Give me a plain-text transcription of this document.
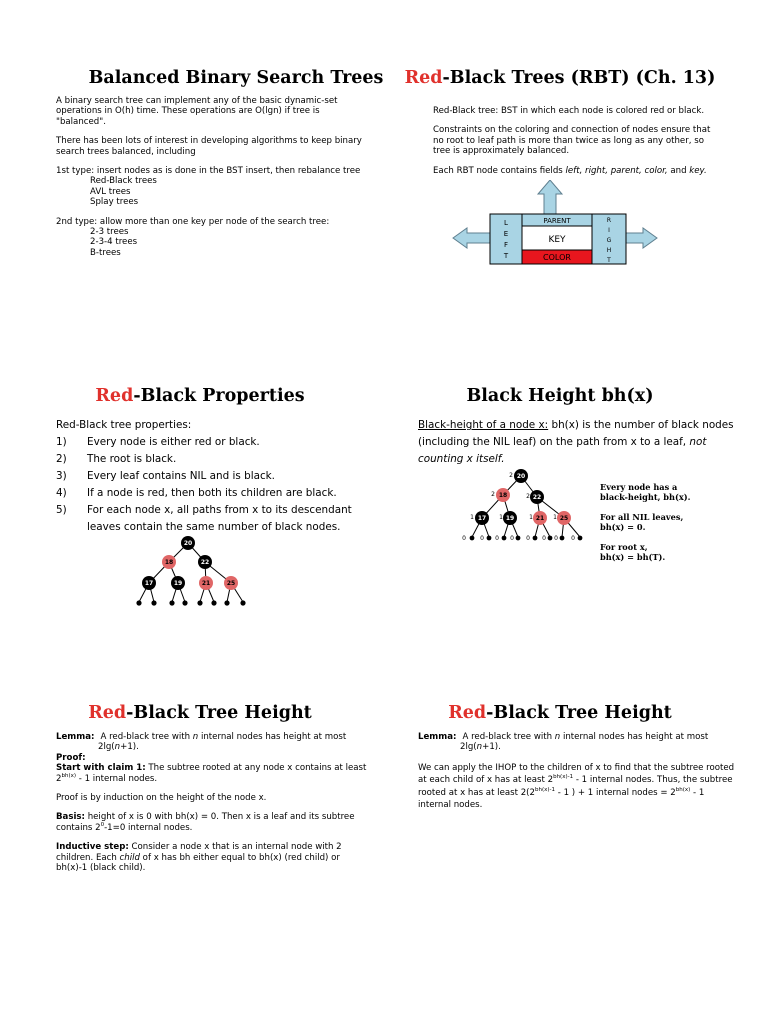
Balanced Binary Search Trees
A binary search tree can implement any of the basic dynamic-set
operations in O(h) time. These operations are O(lgn) if tree is
"balanced".
There has been lots of interest in developing algorithms to keep binary
search trees balanced, including
1st type: insert nodes as is done in the BST insert, then rebalance tree
Red-Black trees
AVL trees
Splay trees
2nd type: allow more than one key per node of the search tree:
2-3 trees
2-3-4 trees
B-trees
Red-Black Trees (RBT) (Ch. 13)
Red-Black tree: BST in which each node is colored red or black.
Constraints on the coloring and connection of nodes ensure that
no root to leaf path is more than twice as long as any other, so
tree is approximately balanced.
Each RBT node contains fields left, right, parent, color, and key.
L
E
F
T
PARENT
KEY
COLOR
R
I
G
H
T
Red-Black Properties
Red-Black tree properties:
1)	Every node is either red or black.
2)	The root is black.
3)	Every leaf contains NIL and is black.
4)	If a node is red, then both its children are black.
5)	For each node x, all paths from x to its descendant
leaves contain the same number of black nodes.
20
18	22
17	19	21	25
Black Height bh(x)
Black-height of a node x: bh(x) is the number of black nodes
(including the NIL leaf) on the path from x to a leaf, not
counting x itself.
20
18	22
17	19	21	25
2
2	2
1	1	1	1
0 0 0 0 0 0 0 0
Every node has a
black-height, bh(x).
For all NIL leaves,
bh(x) = 0.
For root x,
bh(x) = bh(T).
Red-Black Tree Height
Lemma: A red-black tree with n internal nodes has height at most
2lg(n+1).
Proof:
Start with claim 1: The subtree rooted at any node x contains at least
$2^{bh(x)} - 1$ internal nodes.
Proof is by induction on the height of the node x.
Basis: height of x is 0 with bh(x) = 0. Then x is a leaf and its subtree
contains $2^0-1=0$ internal nodes.
Inductive step: Consider a node x that is an internal node with 2
children. Each child of x has bh either equal to bh(x) (red child) or
bh(x)-1 (black child).
Red-Black Tree Height
Lemma: A red-black tree with n internal nodes has height at most
2lg(n+1).
We can apply the IHOP to the children of x to find that the subtree rooted
at each child of x has at least $2^{bh(x)-1} - 1$ internal nodes. Thus, the subtree
rooted at x has at least $2(2^{bh(x)-1} - 1$ ) + 1 internal nodes = $2^{bh(x)} - 1$
internal nodes.
